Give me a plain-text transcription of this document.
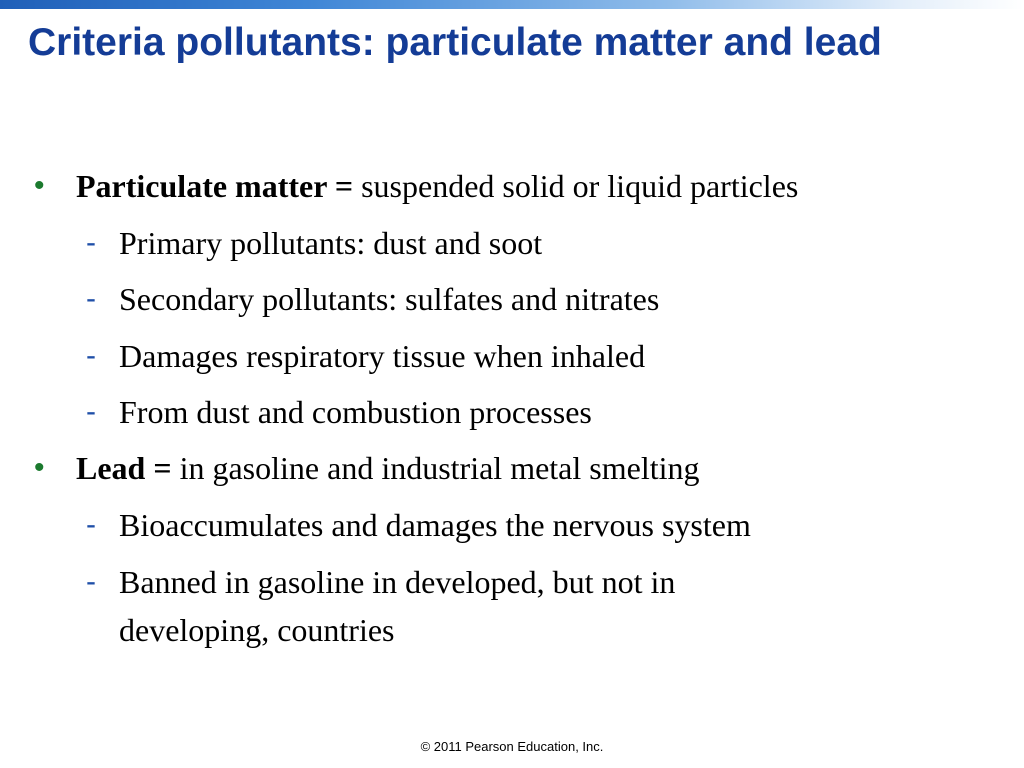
Criteria pollutants: particulate matter and lead
• Particulate matter = suspended solid or liquid particles
- Primary pollutants: dust and soot
- Secondary pollutants: sulfates and nitrates
- Damages respiratory tissue when inhaled
- From dust and combustion processes
• Lead = in gasoline and industrial metal smelting
- Bioaccumulates and damages the nervous system
- Banned in gasoline in developed, but not in
developing, countries
© 2011 Pearson Education, Inc.
